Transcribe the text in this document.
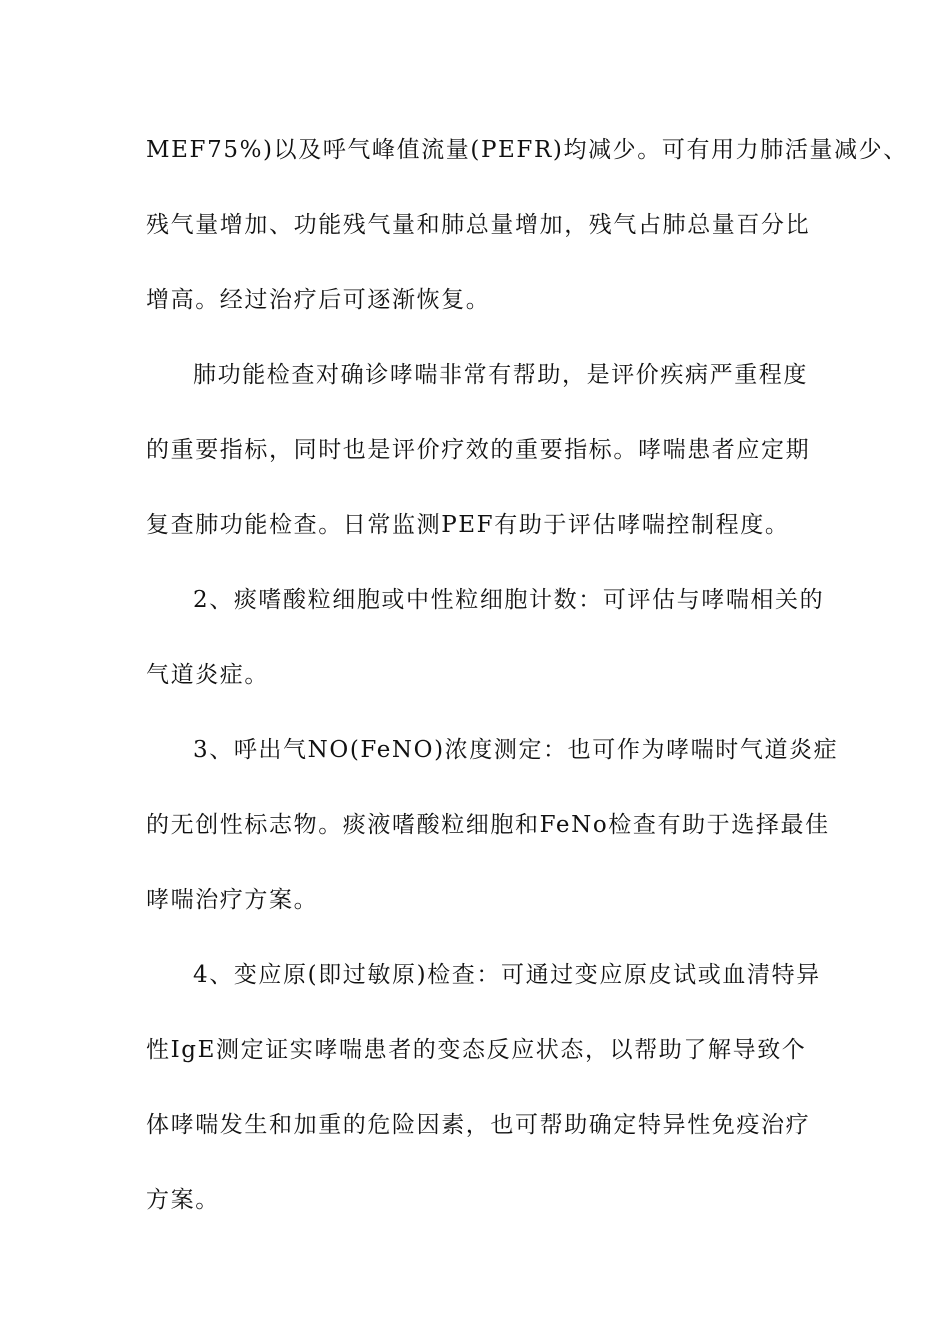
MEF75%)以及呼气峰值流量(PEFR)均减少。可有用力肺活量减少、
残气量增加、功能残气量和肺总量增加，残气占肺总量百分比
增高。经过治疗后可逐渐恢复。
肺功能检查对确诊哮喘非常有帮助，是评价疾病严重程度
的重要指标，同时也是评价疗效的重要指标。哮喘患者应定期
复查肺功能检查。日常监测PEF有助于评估哮喘控制程度。
2、痰嗜酸粒细胞或中性粒细胞计数：可评估与哮喘相关的
气道炎症。
3、呼出气NO(FeNO)浓度测定：也可作为哮喘时气道炎症
的无创性标志物。痰液嗜酸粒细胞和FeNo检查有助于选择最佳
哮喘治疗方案。
4、变应原(即过敏原)检查：可通过变应原皮试或血清特异
性IgE测定证实哮喘患者的变态反应状态，以帮助了解导致个
体哮喘发生和加重的危险因素，也可帮助确定特异性免疫治疗
方案。
